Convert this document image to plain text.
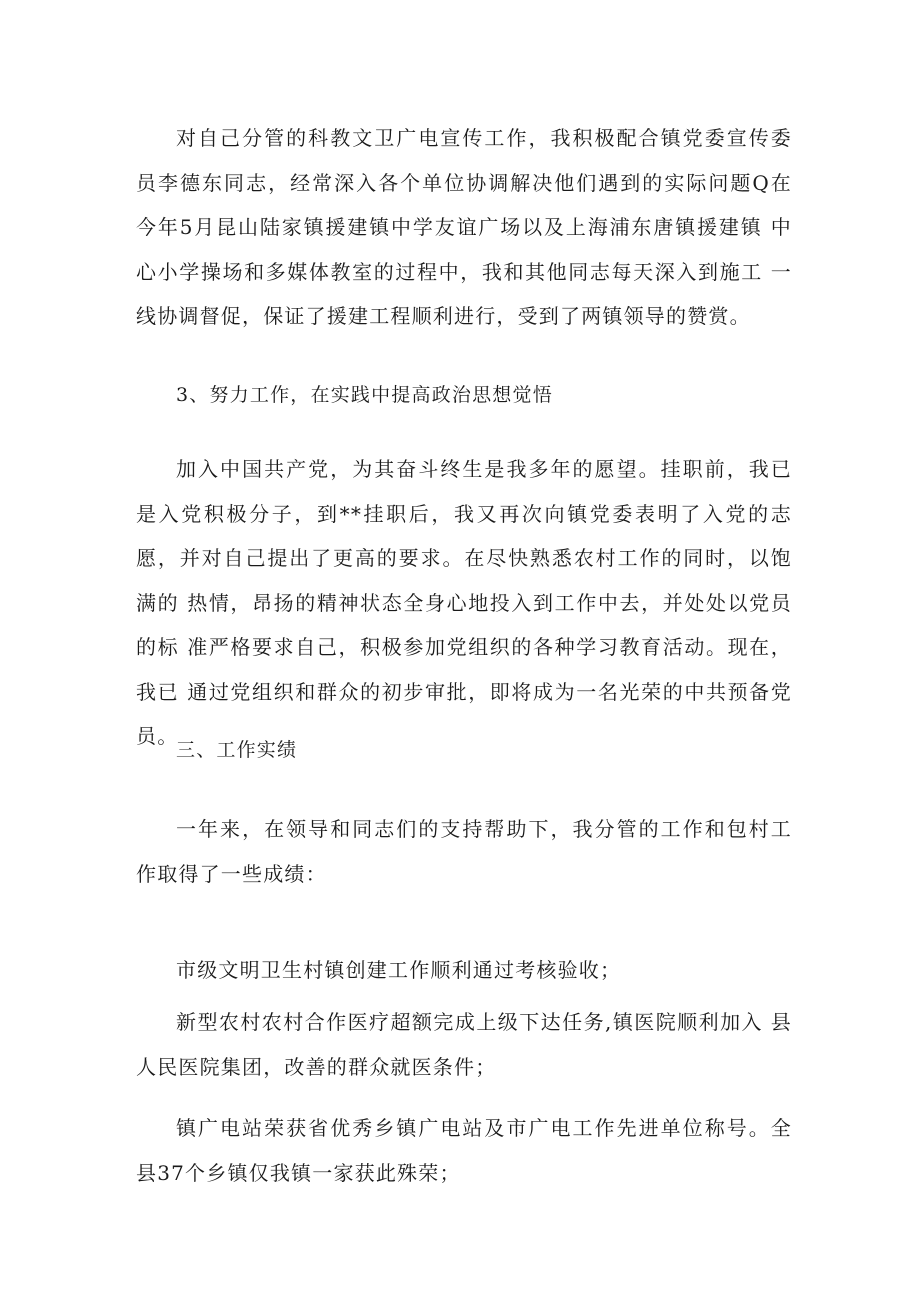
对自己分管的科教文卫广电宣传工作，我积极配合镇党委宣传委 员李德东同志，经常深入各个单位协调解决他们遇到的实际问题Q在 今年5月昆山陆家镇援建镇中学友谊广场以及上海浦东唐镇援建镇 中心小学操场和多媒体教室的过程中，我和其他同志每天深入到施工 一线协调督促，保证了援建工程顺利进行，受到了两镇领导的赞赏。

3、努力工作，在实践中提高政治思想觉悟

加入中国共产党，为其奋斗终生是我多年的愿望。挂职前，我已 是入党积极分子，到**挂职后，我又再次向镇党委表明了入党的志愿，并对自己提出了更高的要求。在尽快熟悉农村工作的同时，以饱满的 热情，昂扬的精神状态全身心地投入到工作中去，并处处以党员的标 准严格要求自己，积极参加党组织的各种学习教育活动。现在，我已 通过党组织和群众的初步审批，即将成为一名光荣的中共预备党员。

三、工作实绩

一年来，在领导和同志们的支持帮助下，我分管的工作和包村工 作取得了一些成绩：

市级文明卫生村镇创建工作顺利通过考核验收；

新型农村农村合作医疗超额完成上级下达任务,镇医院顺利加入 县人民医院集团，改善的群众就医条件；

镇广电站荣获省优秀乡镇广电站及市广电工作先进单位称号。全 县37个乡镇仅我镇一家获此殊荣；
